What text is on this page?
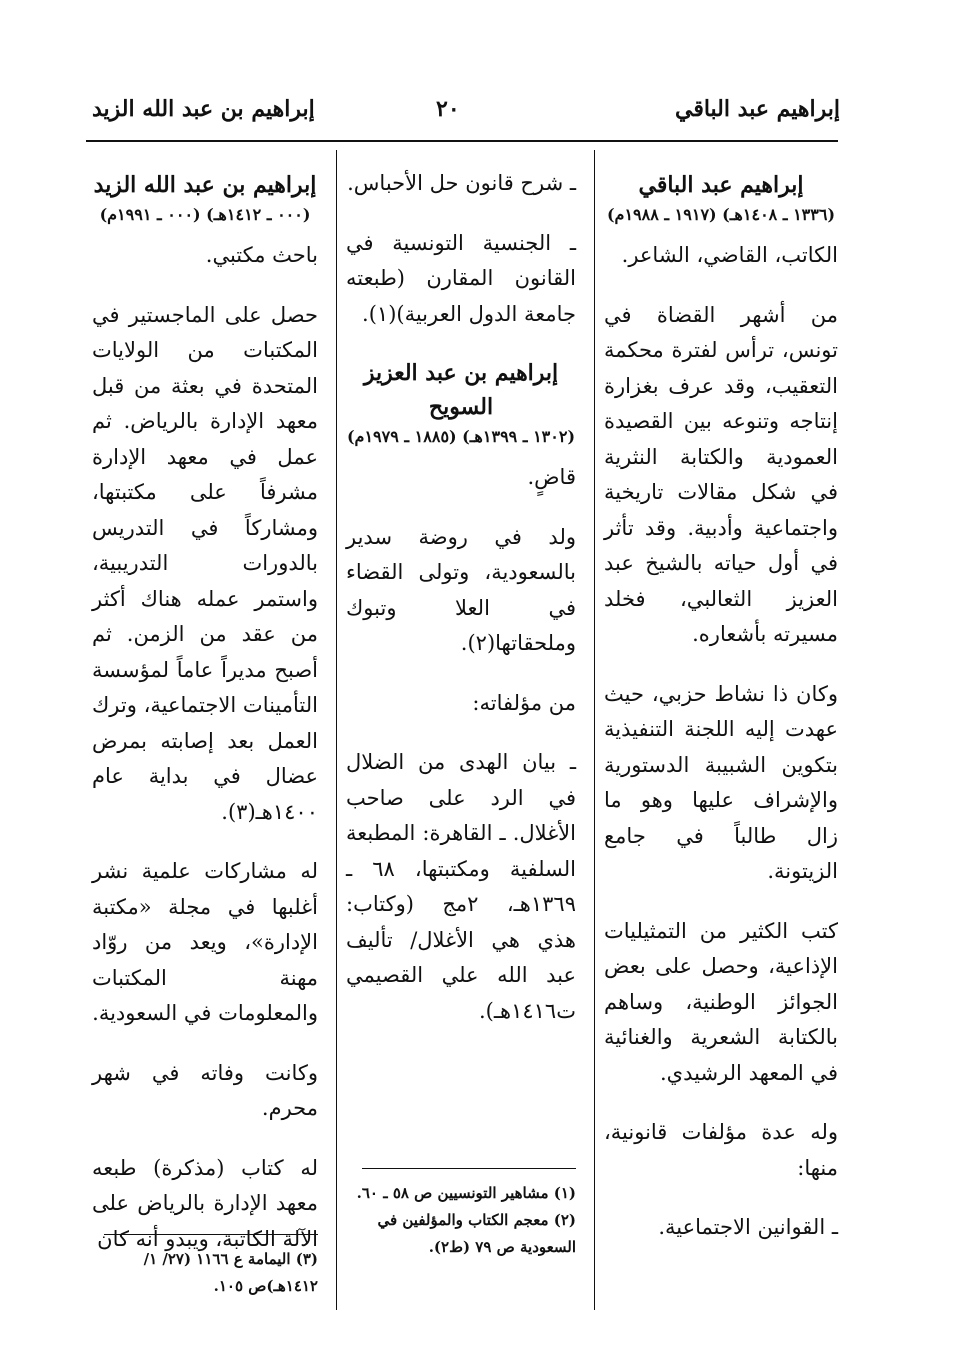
إبراهيم عبد الباقي
٢٠
إبراهيم بن عبد الله الزيد
إبراهيم عبد الباقي
(١٣٣٦ ـ ١٤٠٨هـ) (١٩١٧ ـ ١٩٨٨م)

الكاتب، القاضي، الشاعر.

من أشهر القضاة في تونس، ترأس لفترة محكمة التعقيب، وقد عرف بغزارة إنتاجه وتنوعه بين القصيدة العمودية والكتابة النثرية في شكل مقالات تاريخية واجتماعية وأدبية. وقد تأثر في أول حياته بالشيخ عبد العزيز الثعالبي، فخلد مسيرته بأشعاره.

وكان ذا نشاط حزبي، حيث عهدت إليه اللجنة التنفيذية بتكوين الشبيبة الدستورية والإشراف عليها وهو ما زال طالباً في جامع الزيتونة.

كتب الكثير من التمثيليات الإذاعية، وحصل على بعض الجوائز الوطنية، وساهم بالكتابة الشعرية والغنائية في المعهد الرشيدي.

وله عدة مؤلفات قانونية، منها:

ـ القوانين الاجتماعية.

ـ شرح قانون حل الأحباس.

ـ الجنسية التونسية في القانون المقارن (طبعته جامعة الدول العربية)(١).

إبراهيم بن عبد العزيز السويح
(١٣٠٢ ـ ١٣٩٩هـ) (١٨٨٥ ـ ١٩٧٩م)

قاضٍ.

ولد في روضة سدير بالسعودية، وتولى القضاء في العلا وتبوك وملحقاتها(٢).

من مؤلفاته:

ـ بيان الهدى من الضلال في الرد على صاحب الأغلال. ـ القاهرة: المطبعة السلفية ومكتبتها، ٦٨ ـ ١٣٦٩هـ، ٢مج (وكتاب: هذي هي الأغلال/ تأليف عبد الله علي القصيمي ت١٤١٦هـ).

(١) مشاهير التونسيين ص ٥٨ ـ ٦٠.
(٢) معجم الكتاب والمؤلفين في السعودية ص ٧٩ (ط٢).
إبراهيم بن عبد الله الزيد
(٠٠٠ ـ ١٤١٢هـ) (٠٠٠ ـ ١٩٩١م)

باحث مكتبي.

حصل على الماجستير في المكتبات من الولايات المتحدة في بعثة من قبل معهد الإدارة بالرياض. ثم عمل في معهد الإدارة مشرفاً على مكتبتها، ومشاركاً في التدريس بالدورات التدريبية، واستمر عمله هناك أكثر من عقد من الزمن. ثم أصبح مديراً عاماً لمؤسسة التأمينات الاجتماعية، وترك العمل بعد إصابته بمرض عضال في بداية عام ١٤٠٠هـ(٣).

له مشاركات علمية نشر أغلبها في مجلة «مكتبة الإدارة»، ويعد من روّاد مهنة المكتبات والمعلومات في السعودية.

وكانت وفاته في شهر محرم.

له كتاب (مذكرة) طبعه معهد الإدارة بالرياض على الآلة الكاتبة، ويبدو أنه كان

(٣) اليمامة ع ١١٦٦ (٢٧/ ١/ ١٤١٢هـ)ص ١٠٥.
